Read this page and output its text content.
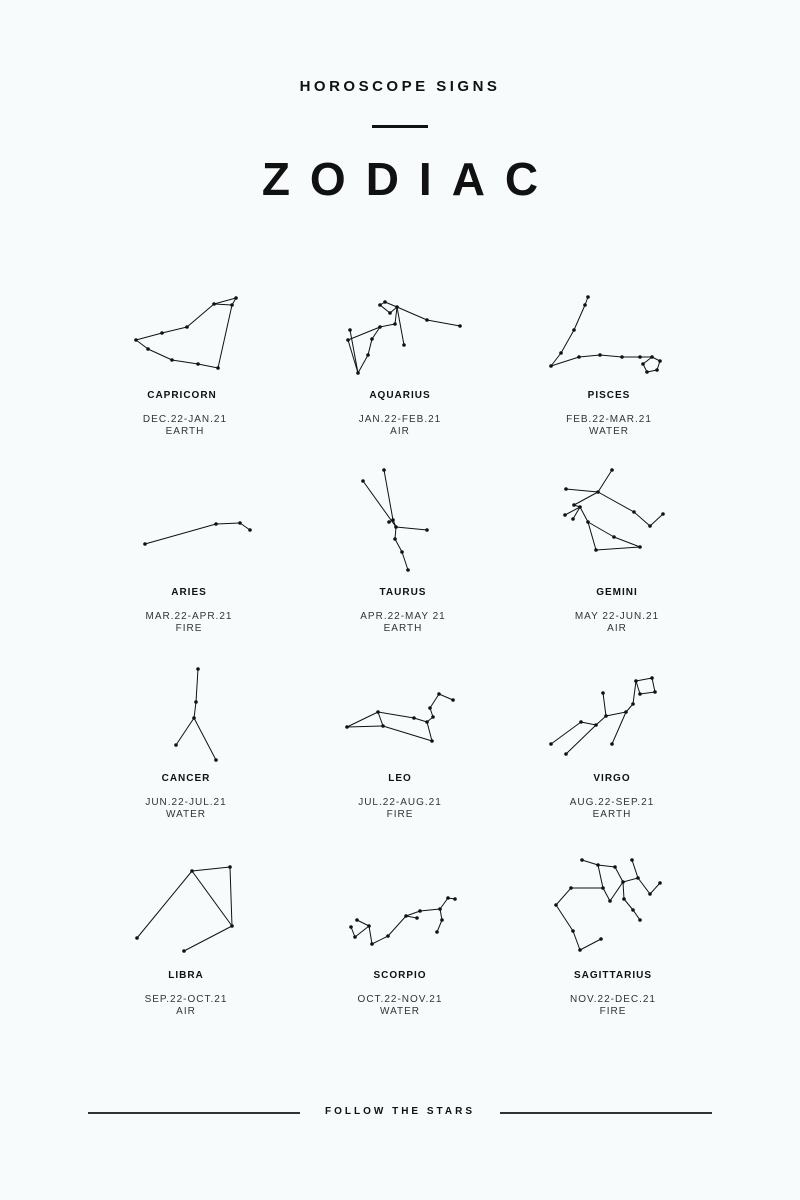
HOROSCOPE SIGNS
ZODIAC
CAPRICORN
DEC.22-JAN.21
EARTH
AQUARIUS
JAN.22-FEB.21
AIR
PISCES
FEB.22-MAR.21
WATER
ARIES
MAR.22-APR.21
FIRE
TAURUS
APR.22-MAY 21
EARTH
GEMINI
MAY 22-JUN.21
AIR
CANCER
JUN.22-JUL.21
WATER
LEO
JUL.22-AUG.21
FIRE
VIRGO
AUG.22-SEP.21
EARTH
LIBRA
SEP.22-OCT.21
AIR
SCORPIO
OCT.22-NOV.21
WATER
SAGITTARIUS
NOV.22-DEC.21
FIRE
FOLLOW THE STARS
